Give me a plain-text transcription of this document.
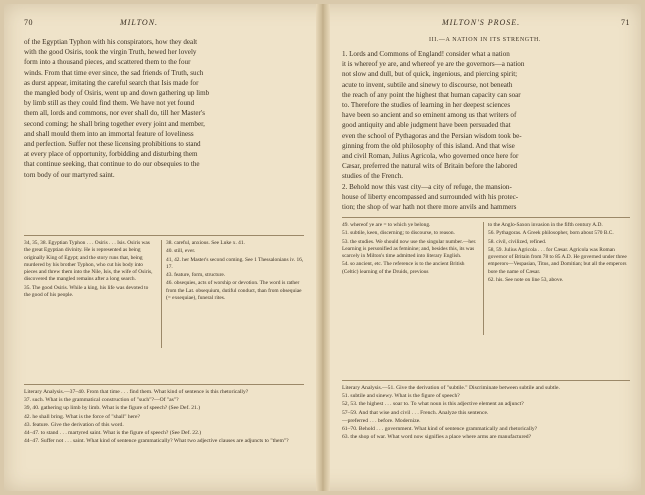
70	MILTON.

of the Egyptian Typhon with his conspirators, how they dealt

with the good Osiris, took the virgin Truth, hewed her lovely

form into a thousand pieces, and scattered them to the four

winds. From that time ever since, the sad friends of Truth, such

as durst appear, imitating the careful search that Isis made for

the mangled body of Osiris, went up and down gathering up limb

by limb still as they could find them. We have not yet found

them all, lords and commons, nor ever shall do, till her Master's

second coming; he shall bring together every joint and member,

and shall mould them into an immortal feature of loveliness

and perfection. Suffer not these licensing prohibitions to stand

at every place of opportunity, forbidding and disturbing them

that continue seeking, that continue to do our obsequies to the

torn body of our martyred saint.

34, 35, 38. Egyptian Typhon . . . Osiris . . . Isis. Osiris was the great Egyptian divinity. He is represented as being originally King of Egypt; and the story runs that, being murdered by his brother Typhon, who cut his body into pieces and threw them into the Nile, Isis, the wife of Osiris, discovered the mangled remains after a long search.

35. The good Osiris. While a king, his life was devoted to the good of his people.

38. careful, anxious. See Luke x. 41.

40. still, ever.

41, 42. her Master's second coming. See 1 Thessalonians iv. 16, 17.

43. feature, form, structure.

46. obsequies, acts of worship or devotion. The word is rather from the Lat. obsequium, dutiful conduct, than from obsequiae (= exsequiae), funeral rites.

Literary Analysis.—37–40. From that time . . . find them. What kind of sentence is this rhetorically?

37. such. What is the grammatical construction of "such"?—Of "as"?

39, 40. gathering up limb by limb. What is the figure of speech? (See Def. 21.)

42. he shall bring. What is the force of "shall" here?

43. feature. Give the derivation of this word.

44–47. to stand . . . martyred saint. What is the figure of speech? (See Def. 22.)

44–47. Suffer not . . . saint. What kind of sentence grammatically? What two adjective clauses are adjuncts to "them"?

MILTON'S PROSE.	71
III.—A NATION IN ITS STRENGTH.

1. Lords and Commons of England! consider what a nation

it is whereof ye are, and whereof ye are the governors—a nation

not slow and dull, but of quick, ingenious, and piercing spirit;

acute to invent, subtile and sinewy to discourse, not beneath

the reach of any point the highest that human capacity can soar

to. Therefore the studies of learning in her deepest sciences

have been so ancient and so eminent among us that writers of

good antiquity and able judgment have been persuaded that

even the school of Pythagoras and the Persian wisdom took be-

ginning from the old philosophy of this island. And that wise

and civil Roman, Julius Agricola, who governed once here for

Cæsar, preferred the natural wits of Britain before the labored

studies of the French.

2. Behold now this vast city—a city of refuge, the mansion-

house of liberty encompassed and surrounded with his protec-

tion; the shop of war hath not there more anvils and hammers

49. whereof ye are = to which ye belong.

51. subtile, keen, discerning; to discourse, to reason.

53. the studies. We should now use the singular number.—her. Learning is personified as feminine; and, besides this, its was scarcely in Milton's time admitted into literary English.

54. so ancient, etc. The reference is to the ancient British (Celtic) learning of the Druids, previous

to the Anglo-Saxon invasion in the fifth century A.D.

56. Pythagoras. A Greek philosopher, born about 570 B.C.

58. civil, civilized, refined.

58, 59. Julius Agricola . . . for Cæsar. Agricola was Roman governor of Britain from 78 to 85 A.D. He governed under three emperors—Vespasian, Titus, and Domitian; but all the emperors bore the name of Cæsar.

62. his. See note on line 53, above.

Literary Analysis.—51. Give the derivation of "subtile." Discriminate between subtile and subtle.

51. subtile and sinewy. What is the figure of speech?

52, 53. the highest . . . soar to. To what noun is this adjective element an adjunct?

57–59. And that wise and civil . . . French. Analyze this sentence.

—preferred . . . before. Modernize.

61–70. Behold . . . government. What kind of sentence grammatically and rhetorically?

63. the shop of war. What word now signifies a place where arms are manufactured?
